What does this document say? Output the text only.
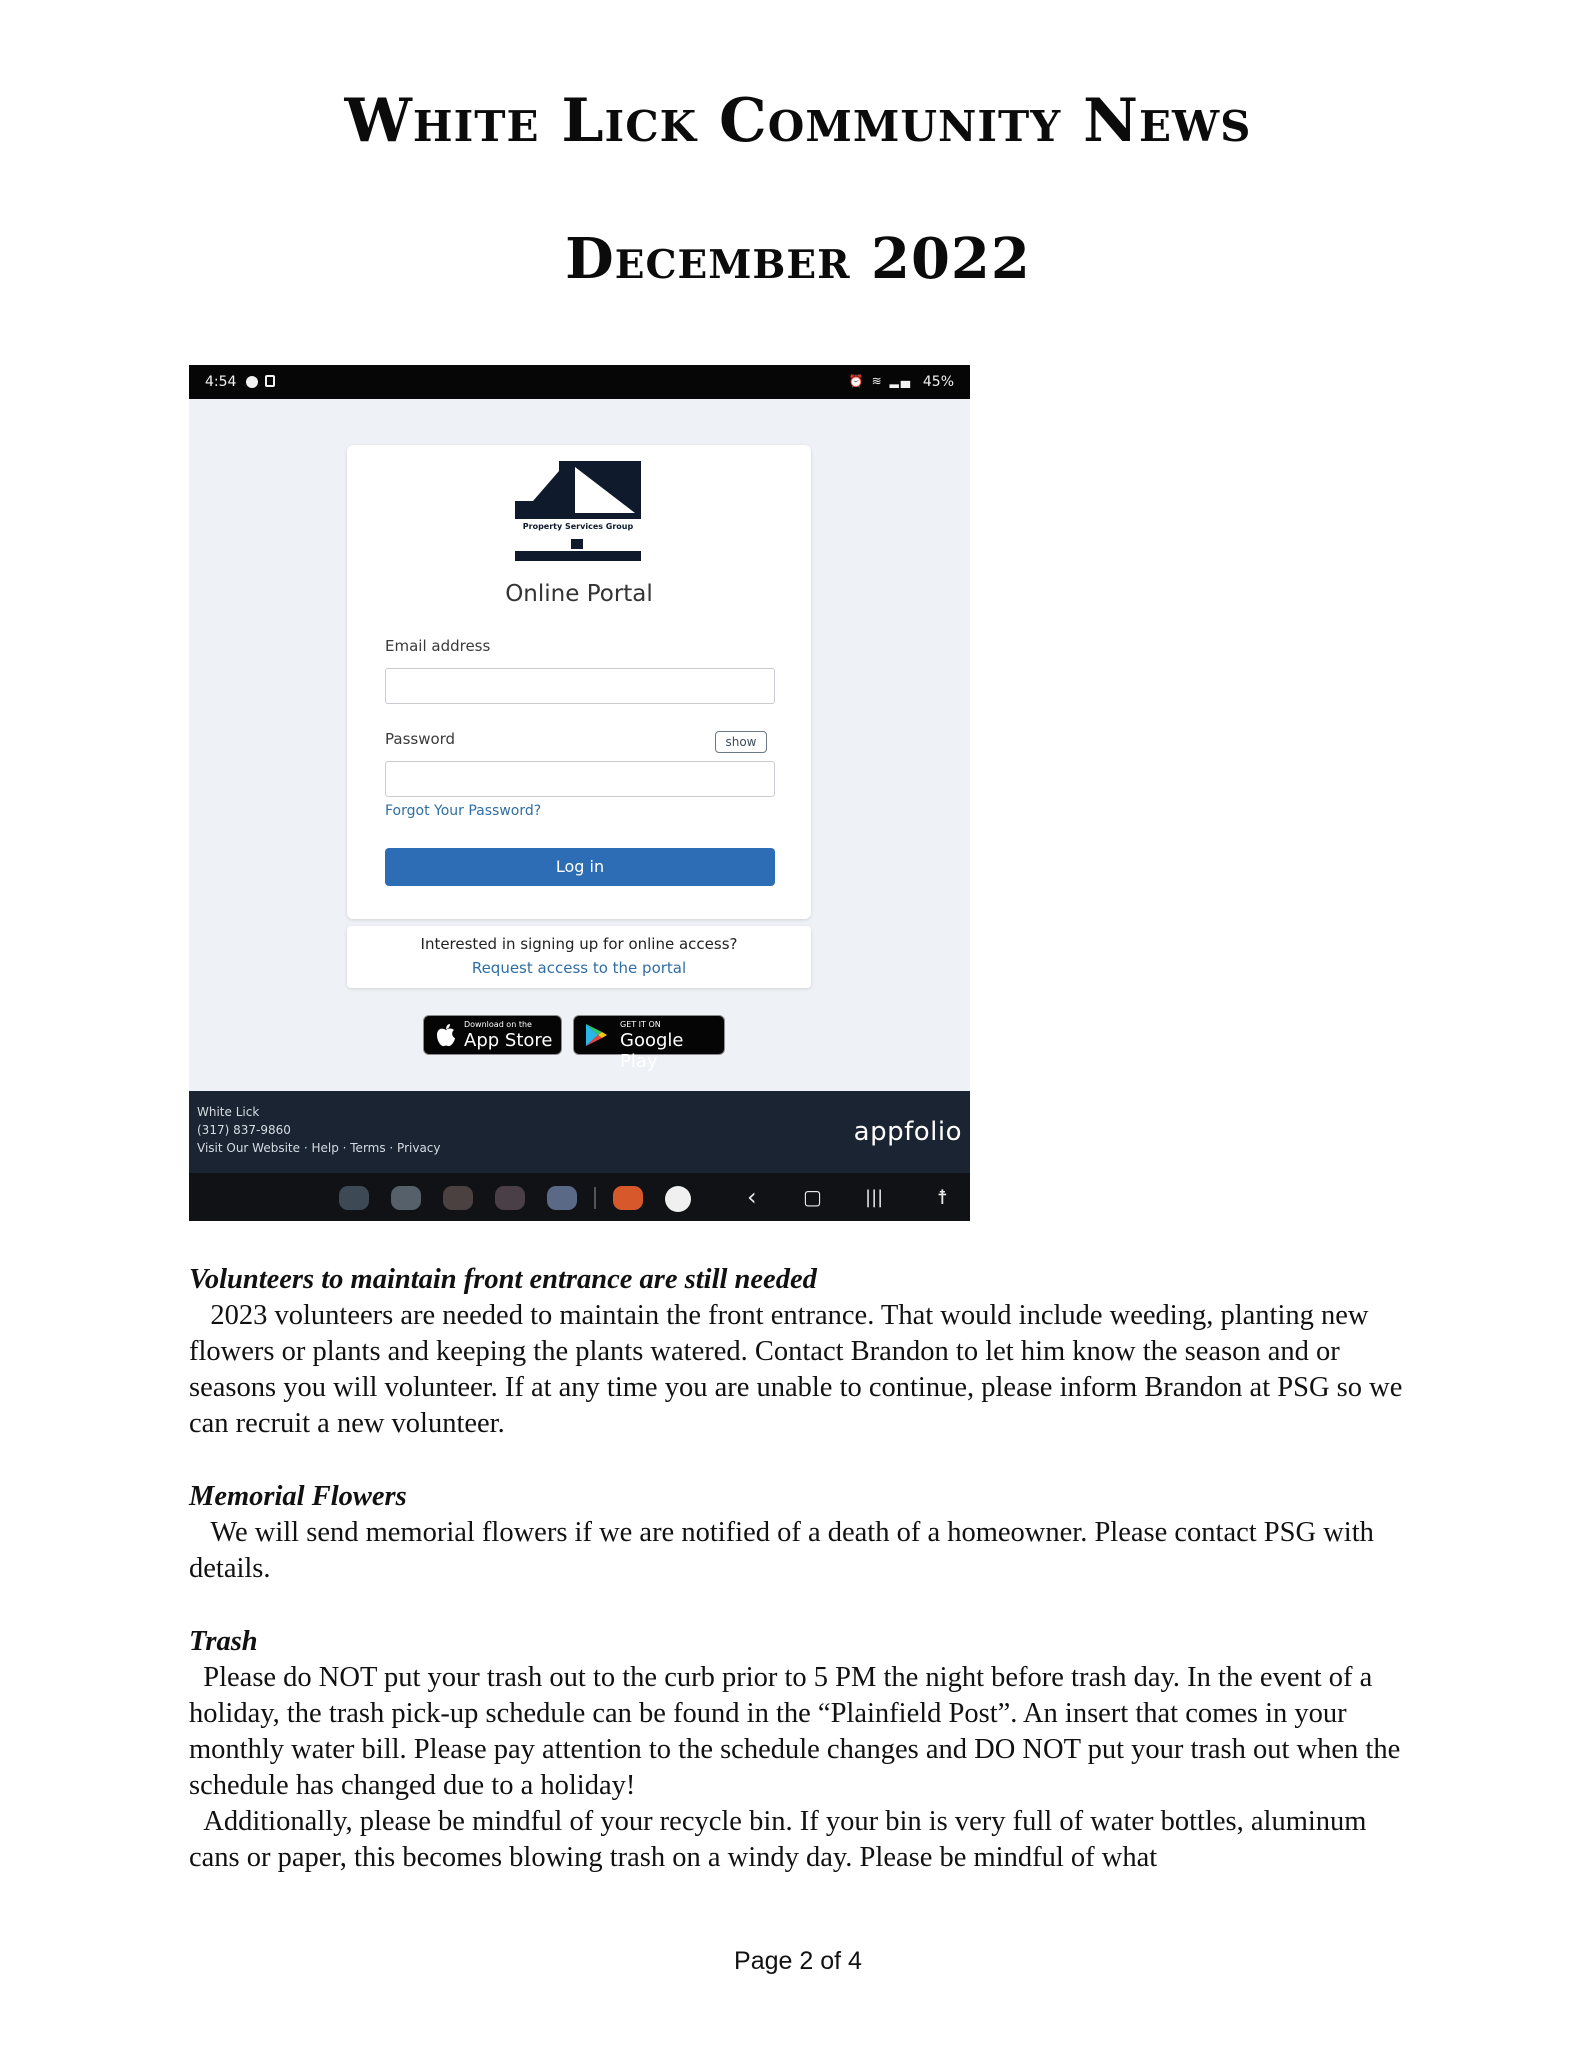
White Lick Community News
December 2022
4:54	⏰ ≋ ▂▄ 45%
Property Services Group
Online Portal
Email address
Password	show
Forgot Your Password?
Log in
Interested in signing up for online access?
Request access to the portal
Download on the
App Store
GET IT ON
Google Play
White Lick
(317) 837-9860
Visit Our Website · Help · Terms · Privacy
appfolio
‹ ▢ |||	☨
Volunteers to maintain front entrance are still needed
2023 volunteers are needed to maintain the front entrance. That would include weeding, planting new flowers or plants and keeping the plants watered. Contact Brandon to let him know the season and or seasons you will volunteer. If at any time you are unable to continue, please inform Brandon at PSG so we can recruit a new volunteer.
Memorial Flowers
We will send memorial flowers if we are notified of a death of a homeowner. Please contact PSG with details.
Trash
Please do NOT put your trash out to the curb prior to 5 PM the night before trash day. In the event of a holiday, the trash pick-up schedule can be found in the “Plainfield Post”. An insert that comes in your monthly water bill. Please pay attention to the schedule changes and DO NOT put your trash out when the schedule has changed due to a holiday!
Additionally, please be mindful of your recycle bin. If your bin is very full of water bottles, aluminum cans or paper, this becomes blowing trash on a windy day. Please be mindful of what
Page 2 of 4
